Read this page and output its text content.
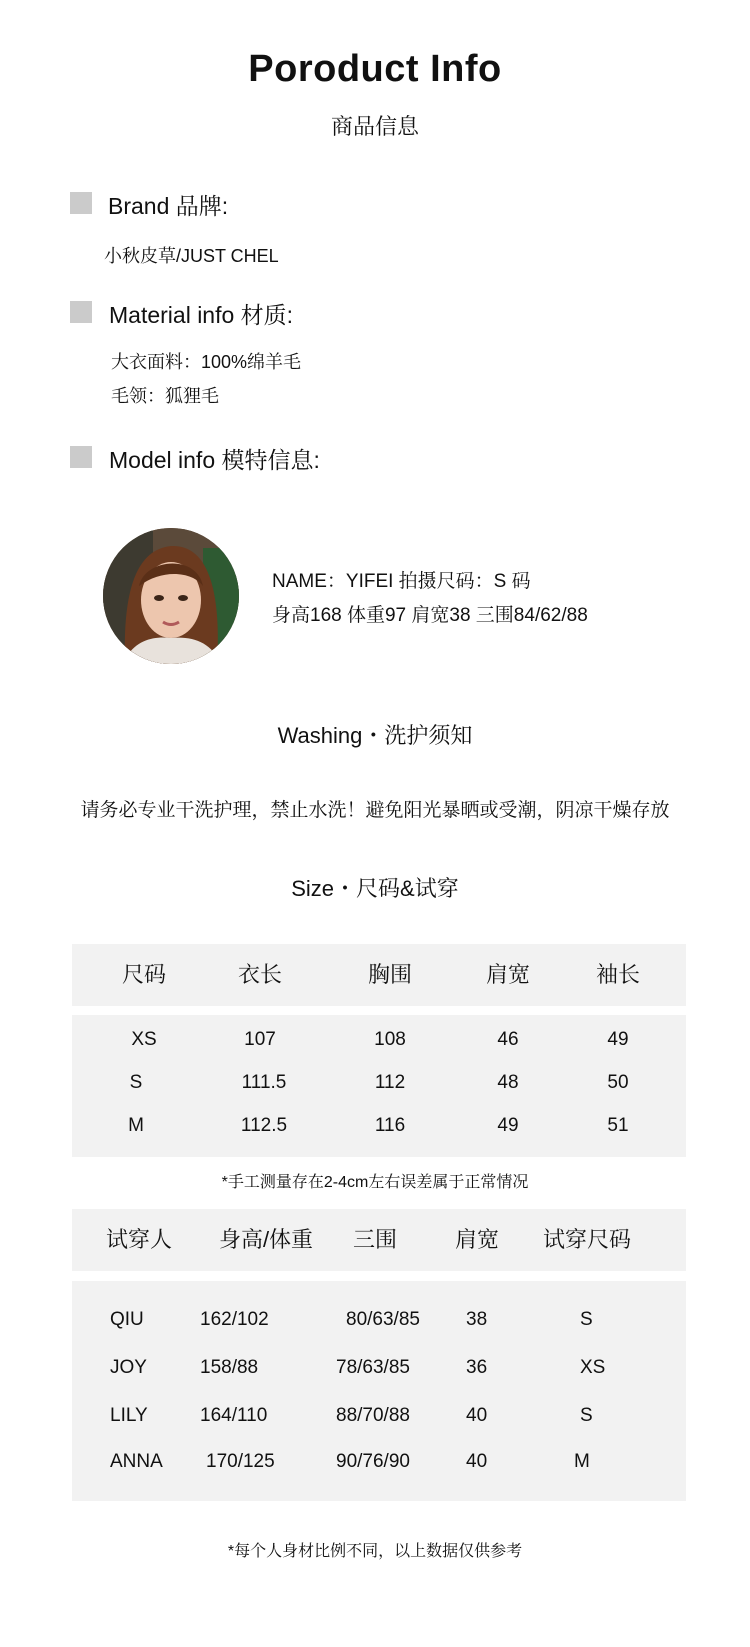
Poroduct Info
商品信息
Brand 品牌:
小秋皮草/JUST CHEL
Material info 材质:
大衣面料：100%绵羊毛
毛领：狐狸毛
Model info 模特信息:
NAME：YIFEI 拍摄尺码：S 码
身高168 体重97 肩宽38 三围84/62/88
Washing・洗护须知
请务必专业干洗护理，禁止水洗！避免阳光暴晒或受潮，阴凉干燥存放
Size・尺码&试穿
尺码	衣长	胸围	肩宽	袖长
XS	107	108	46	49
S	111.5	112	48	50
M	112.5	116	49	51
*手工测量存在2-4cm左右误差属于正常情况
试穿人	身高/体重	三围	肩宽	试穿尺码
QIU	162/102	80/63/85 38	S
JOY	158/88	78/63/85	36	XS
LILY	164/110	88/70/88	40	S
ANNA 170/125	90/76/90	40	M
*每个人身材比例不同，以上数据仅供参考
